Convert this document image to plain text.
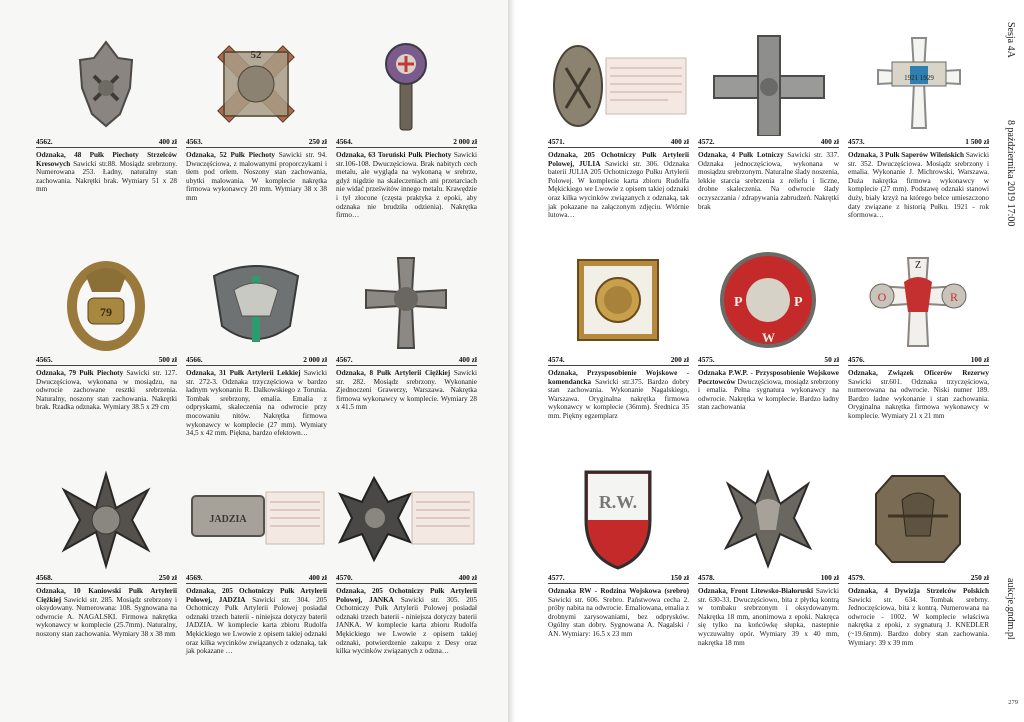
4562.	400 zł
Odznaka, 48 Pułk Piechoty Strzelców Kresowych Sawicki str.88. Mosiądz srebrzony. Numerowana 253. Ładny, naturalny stan zachowania. Nakrętki brak. Wymiary 51 x 28 mm
52
4563.	250 zł
Odznaka, 52 Pułk Piechoty Sawicki str. 94. Dwuczęściowa, z malowanymi proporczykami i tłem pod orłem. Noszony stan zachowania, ubytki malowania. W komplecie nakrętka firmowa wykonawcy 20 mm. Wymiary 38 x 38 mm
4564.	2 000 zł
Odznaka, 63 Toruński Pułk Piechoty Sawicki str.106-108. Dwuczęściowa. Brak nabitych cech metalu, ale wygląda na wykonaną w srebrze, gdyż nigdzie na skaleczeniach ani przetarciach nie widać prześwitów innego metalu. Krawędzie i tył złocone (częsta praktyka z epoki, aby odznaka nie brudziła odzienia). Nakrętka firmo…
4571.	400 zł
Odznaka, 205 Ochotniczy Pułk Artylerii Polowej, JULIA Sawicki str. 306. Odznaka baterii JULIA 205 Ochotniczego Pułku Artylerii Polowej. W komplecie karta zbioru Rudolfa Mękickiego we Lwowie z opisem takiej odznaki oraz kilka wycinków związanych z odznaką, tak jak pokazane na załączonym zdjęciu. Wtórnie lutowa…
4572.	400 zł
Odznaka, 4 Pułk Lotniczy Sawicki str. 337. Odznaka jednoczęściowa, wykonana w mosiądzu srebrzonym. Naturalne ślady noszenia, lekkie starcia srebrzenia z reliefu i liczne, drobne skaleczenia. Na odwrocie ślady oczyszczania / zdrapywania zabrudzeń. Nakrętki brak
1921 1929
4573.	1 500 zł
Odznaka, 3 Pułk Saperów Wileńskich Sawicki str. 352. Dwuczęściowa. Mosiądz srebrzony i emalia. Wykonanie J. Michrowski, Warszawa. Duża nakrętka firmowa wykonawcy w komplecie (27 mm). Podstawę odznaki stanowi duży, biały krzyż na którego belce umieszczono daty związane z historią Pułku. 1921 - rok sformowa…
79
4565.	500 zł
Odznaka, 79 Pułk Piechoty Sawicki str. 127. Dwuczęściowa, wykonana w mosiądzu, na odwrocie zachowane resztki srebrzenia. Naturalny, noszony stan zachowania. Nakrętki brak. Rzadka odznaka. Wymiary 38.5 x 29 cm
4566.	2 000 zł
Odznaka, 31 Pułk Artylerii Lekkiej Sawicki str. 272-3. Odznaka trzyczęściowa w bardzo ładnym wykonaniu R. Dalkowskiego z Torunia. Tombak srebrzony, emalia. Emalia z odpryskami, skaleczenia na odwrocie przy mocowaniu nitów. Nakrętka firmowa wykonawcy w komplecie (27 mm). Wymiary 34,5 x 42 mm. Piękna, bardzo efektown…
4567.	400 zł
Odznaka, 8 Pułk Artylerii Ciężkiej Sawicki str. 282. Mosiądz srebrzony. Wykonanie Zjednoczeni Grawerzy, Warszawa. Nakrętka firmowa wykonawcy w komplecie. Wymiary 28 x 41.5 mm
4574.	200 zł
Odznaka, Przysposobienie Wojskowe - komendancka Sawicki str.375. Bardzo dobry stan zachowania. Wykonanie Nagalskiego, Warszawa. Oryginalna nakrętka firmowa wykonawcy w komplecie (36mm). Średnica 35 mm. Piękny egzemplarz
P	P
W
4575.	50 zł
Odznaka P.W.P. - Przysposobienie Wojskowe Pocztowców Dwuczęściowa, mosiądz srebrzony i emalia. Pełna sygnatura wykonawcy na odwrocie. Nakrętka w komplecie. Bardzo ładny stan zachowania
O	R
Z
4576.	100 zł
Odznaka, Związek Oficerów Rezerwy Sawicki str.601. Odznaka trzyczęściowa, numerowana na odwrocie. Niski numer 189. Bardzo ładne wykonanie i stan zachowania. Oryginalna nakrętka firmowa wykonawcy w komplecie. Wymiary 21 x 21 mm
4568.	250 zł
Odznaka, 10 Kaniowski Pułk Artylerii Ciężkiej Sawicki str. 285. Mosiądz srebrzony i oksydowany. Numerowana: 108. Sygnowana na odwrocie A. NAGALSKI. Firmowa nakrętka wykonawcy w komplecie (25.7mm). Naturalny, noszony stan zachowania. Wymiary 38 x 38 mm
JADZIA
4569.	400 zł
Odznaka, 205 Ochotniczy Pułk Artylerii Polowej, JADZIA Sawicki str. 304. 205 Ochotniczy Pułk Artylerii Polowej posiadał odznaki trzech baterii - niniejsza dotyczy baterii JADZIA. W komplecie karta zbioru Rudolfa Mękickiego we Lwowie z opisem takiej odznaki oraz kilka wycinków związanych z odznaką, tak jak pokazane …
4570.	400 zł
Odznaka, 205 Ochotniczy Pułk Artylerii Polowej, JANKA Sawicki str. 305. 205 Ochotniczy Pułk Artylerii Polowej posiadał odznaki trzech baterii - niniejsza dotyczy baterii JANKA. W komplecie karta zbioru Rudolfa Mękickiego we Lwowie z opisem takiej odznaki, potwierdzenie zakupu z Desy oraz kilka wycinków związanych z odzna…
R.W.
4577.	150 zł
Odznaka RW - Rodzina Wojskowa (srebro) Sawicki str. 606. Srebro. Państwowa cecha 2. próby nabita na odwrocie. Emaliowana, emalia z drobnymi zarysowaniami, bez odprysków. Ogólny stan dobry. Sygnowana A. Nagalski / AN. Wymiary: 16.5 x 23 mm
4578.	100 zł
Odznaka, Front Litewsko-Białoruski Sawicki str. 630-33. Dwuczęściowo, bita z płytką kontrą w tombaku srebrzonym i oksydowanym. Nakrętka 18 mm, anonimowa z epoki. Nakręca się tylko na końcówkę słupka, nastepnie wyczuwalny opór. Wymiary 39 x 40 mm, nakrętka 18 mm
4579.	250 zł
Odznaka, 4 Dywizja Strzelców Polskich Sawicki str. 634. Tombak srebrny. Jednoczęściowa, bita z kontrą. Numerowana na odwrocie - 1002. W komplecie właściwa nakrętka z epoki, z sygnaturą J. KNEDLER (~19.6mm). Bardzo dobry stan zachowania. Wymiary: 39 x 39 mm
Sesja 4A
8 października 2019 17:00
aukcje.gndm.pl
279
